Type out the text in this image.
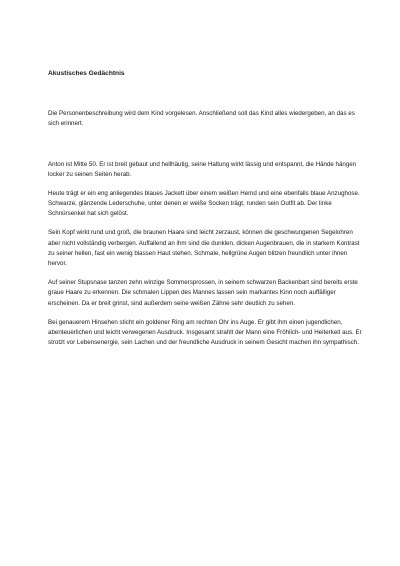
Akustisches Gedächtnis

Die Personenbeschreibung wird dem Kind vorgelesen. Anschließend soll das Kind alles wiedergeben, an das es sich erinnert.

Anton ist Mitte 50. Er ist breit gebaut und hellhäutig, seine Haltung wirkt lässig und entspannt, die Hände hängen locker zu seinen Seiten herab.

Heute trägt er ein eng anliegendes blaues Jackett über einem weißen Hemd und eine ebenfalls blaue Anzughose. Schwarze, glänzende Lederschuhe, unter denen er weiße Socken trägt, runden sein Outfit ab. Der linke Schnürsenkel hat sich gelöst.

Sein Kopf wirkt rund und groß, die braunen Haare sind leicht zerzaust, können die geschwungenen Segelohren aber nicht vollständig verbergen. Auffallend an ihm sind die dunklen, dicken Augenbrauen, die in starkem Kontrast zu seiner hellen, fast ein wenig blassen Haut stehen. Schmale, hellgrüne Augen blitzen freundlich unter ihnen hervor.

Auf seiner Stupsnase tanzen zehn winzige Sommersprossen, in seinem schwarzen Backenbart sind bereits erste graue Haare zu erkennen. Die schmalen Lippen des Mannes lassen sein markantes Kinn noch auffälliger erscheinen. Da er breit grinst, sind außerdem seine weißen Zähne sehr deutlich zu sehen.

Bei genauerem Hinsehen sticht ein goldener Ring am rechten Ohr ins Auge. Er gibt ihm einen jugendlichen, abenteuerlichen und leicht verwegenen Ausdruck. Insgesamt strahlt der Mann eine Fröhlich- und Heiterkeit aus. Er strotzt vor Lebensenergie, sein Lachen und der freundliche Ausdruck in seinem Gesicht machen ihn sympathisch.
